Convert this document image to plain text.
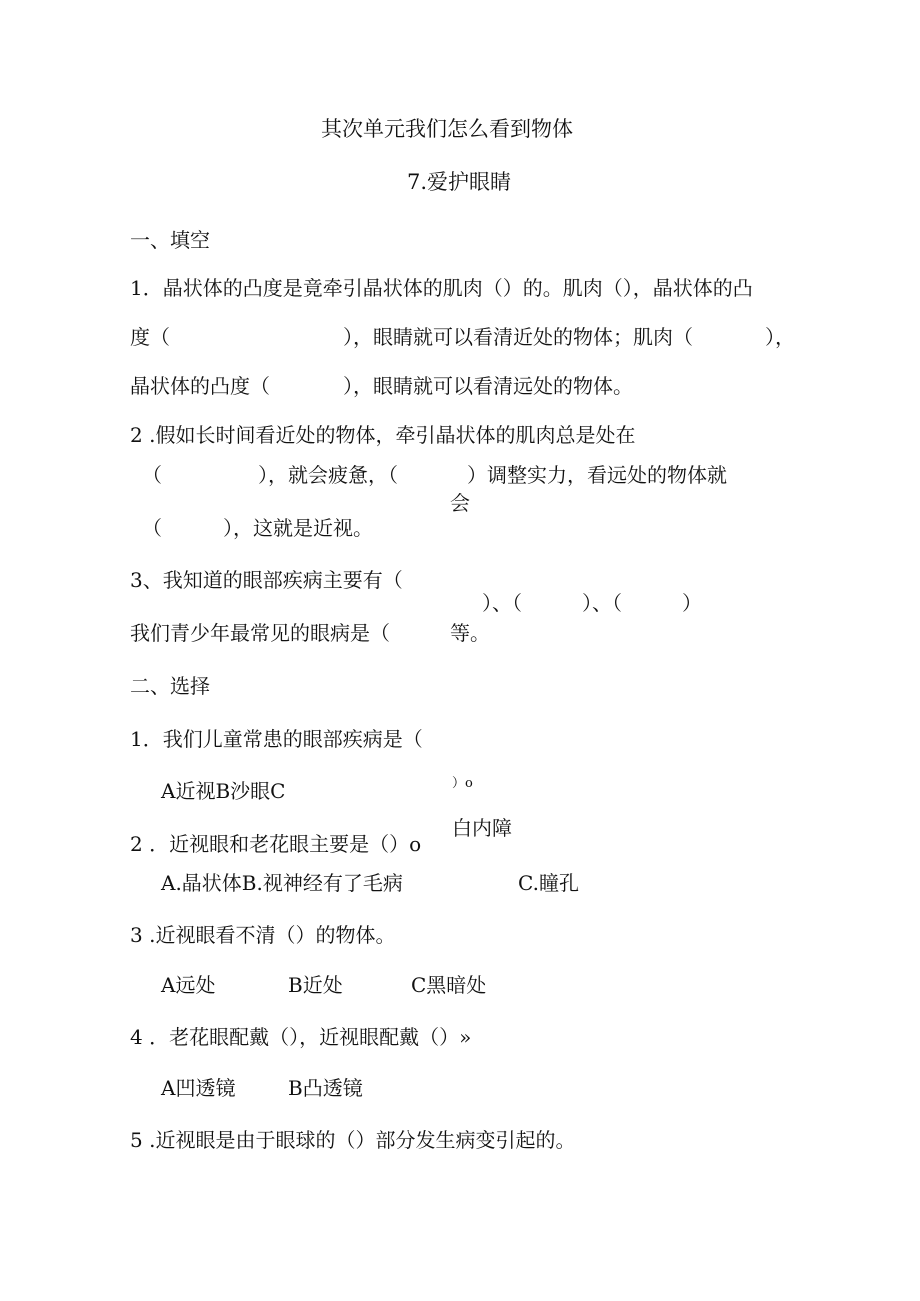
其次单元我们怎么看到物体
7.爱护眼睛
一、填空
1．晶状体的凸度是竟牵引晶状体的肌肉（）的。肌肉（），晶状体的凸
度（	），眼睛就可以看清近处的物体；肌肉（	），
晶状体的凸度（	），眼睛就可以看清远处的物体。
2 .假如长时间看近处的物体，牵引晶状体的肌肉总是处在
（	），就会疲惫，（	）调整实力，看远处的物体就
会
（	），这就是近视。
3、我知道的眼部疾病主要有（
）、（　　　）、（　　　）
我们青少年最常见的眼病是（	等。
二、选择
1．我们儿童常患的眼部疾病是（
）o
A近视B沙眼C
白内障
2 ．近视眼和老花眼主要是（）o
A.晶状体B.视神经有了毛病	C.瞳孔
3 .近视眼看不清（）的物体。
A远处	B近处	C黑暗处
4 ．老花眼配戴（），近视眼配戴（）»
A凹透镜	B凸透镜
5 .近视眼是由于眼球的（）部分发生病变引起的。
